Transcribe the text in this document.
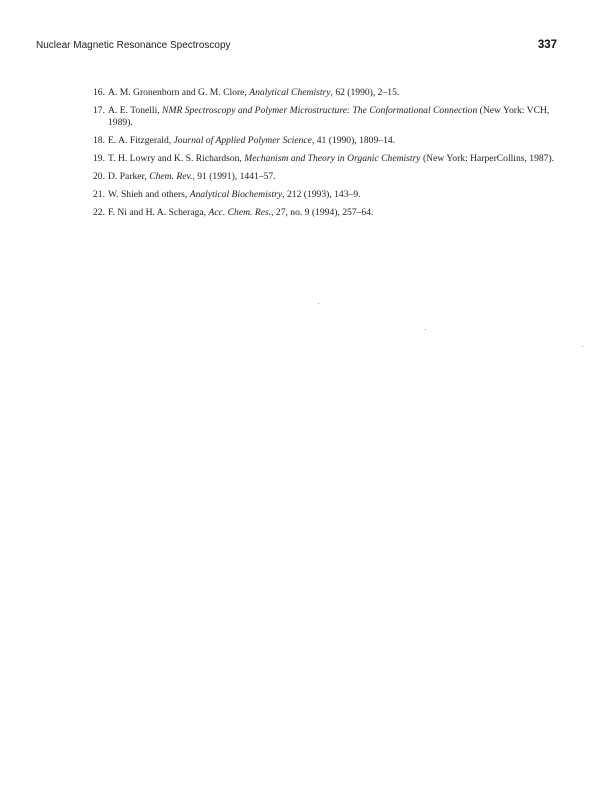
Nuclear Magnetic Resonance Spectroscopy	337
16. A. M. Gronenborn and G. M. Clore, Analytical Chemistry, 62 (1990), 2–15.
17. A. E. Tonelli, NMR Spectroscopy and Polymer Microstructure: The Conformational Connection (New York: VCH, 1989).
18. E. A. Fitzgerald, Journal of Applied Polymer Science, 41 (1990), 1809–14.
19. T. H. Lowry and K. S. Richardson, Mechanism and Theory in Organic Chemistry (New York: HarperCollins, 1987).
20. D. Parker, Chem. Rev., 91 (1991), 1441–57.
21. W. Shieh and others, Analytical Biochemistry, 212 (1993), 143–9.
22. F. Ni and H. A. Scheraga, Acc. Chem. Res., 27, no. 9 (1994), 257–64.
